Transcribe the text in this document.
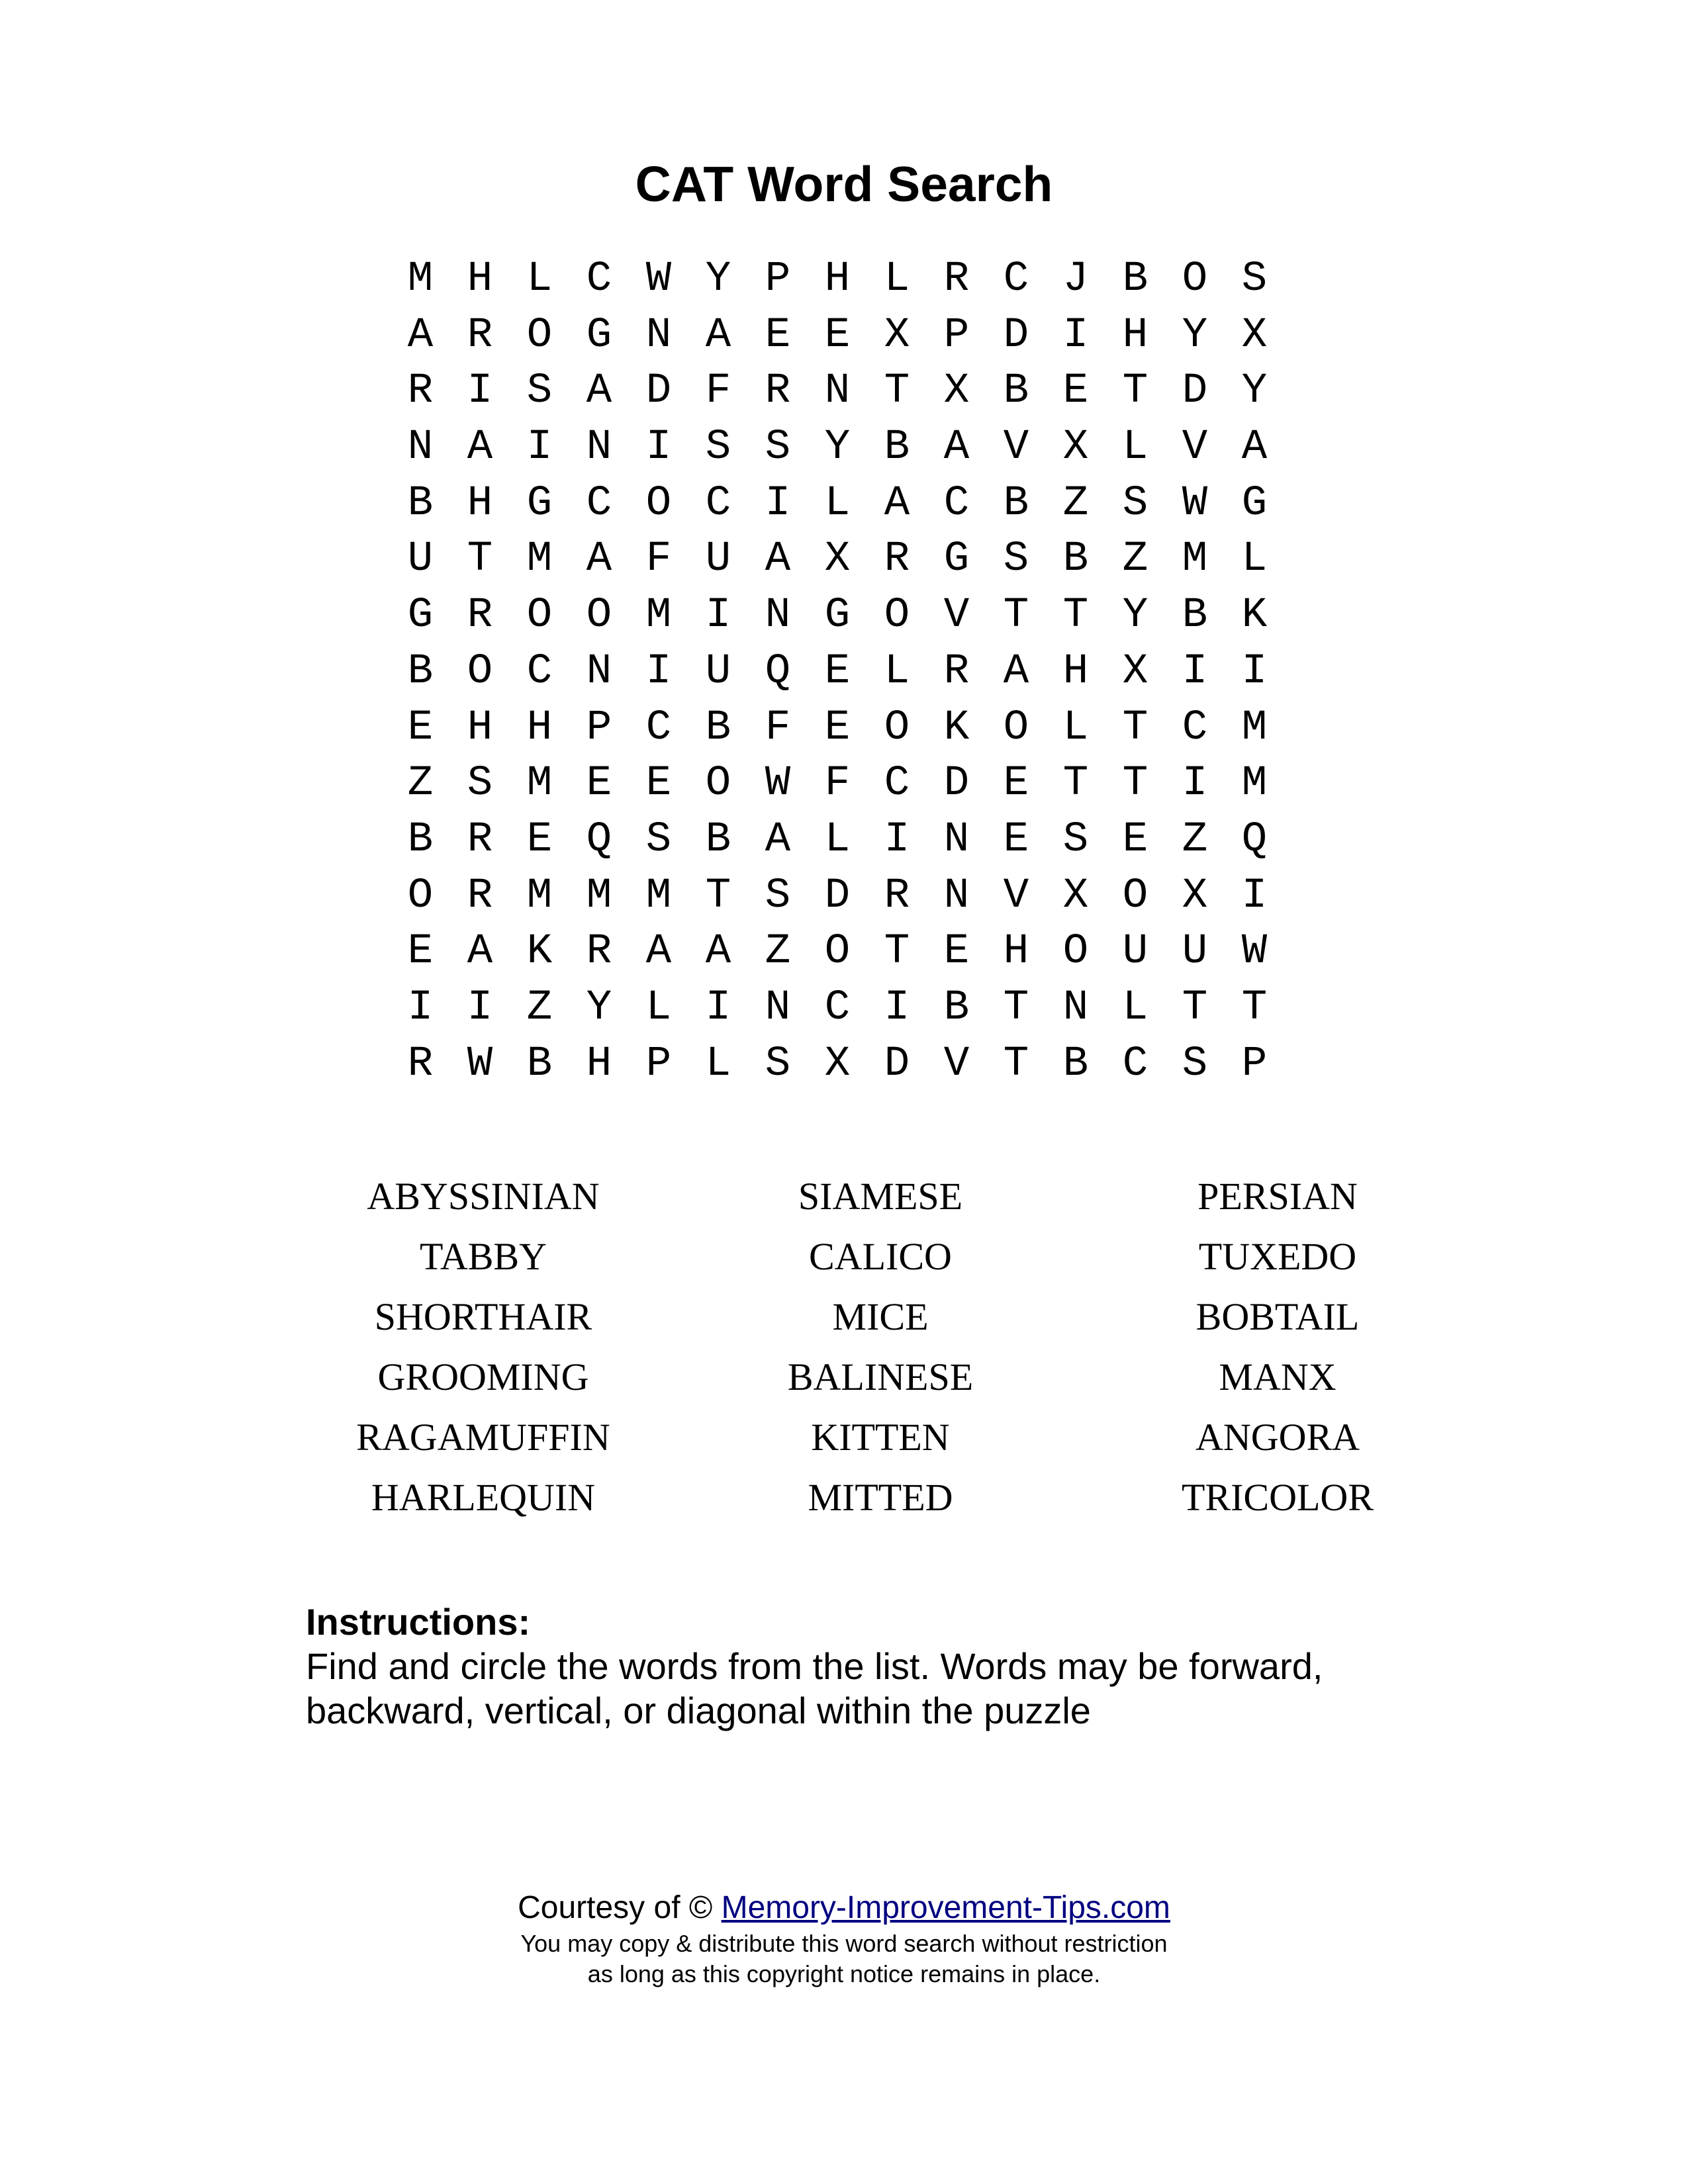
CAT Word Search
M H L C W Y P H L R C J B O S
A R O G N A E E X P D I H Y X
R I S A D F R N T X B E T D Y
N A I N I S S Y B A V X L V A
B H G C O C I L A C B Z S W G
U T M A F U A X R G S B Z M L
G R O O M I N G O V T T Y B K
B O C N I U Q E L R A H X I I
E H H P C B F E O K O L T C M
Z S M E E O W F C D E T T I M
B R E Q S B A L I N E S E Z Q
O R M M M T S D R N V X O X I
E A K R A A Z O T E H O U U W
I I Z Y L I N C I B T N L T T
R W B H P L S X D V T B C S P
ABYSSINIAN	SIAMESE	PERSIAN
TABBY	CALICO	TUXEDO
SHORTHAIR	MICE	BOBTAIL
GROOMING	BALINESE	MANX
RAGAMUFFIN	KITTEN	ANGORA
HARLEQUIN	MITTED	TRICOLOR
Instructions:
Find and circle the words from the list. Words may be forward,
backward, vertical, or diagonal within the puzzle
Courtesy of © Memory-Improvement-Tips.com
You may copy & distribute this word search without restriction
as long as this copyright notice remains in place.
